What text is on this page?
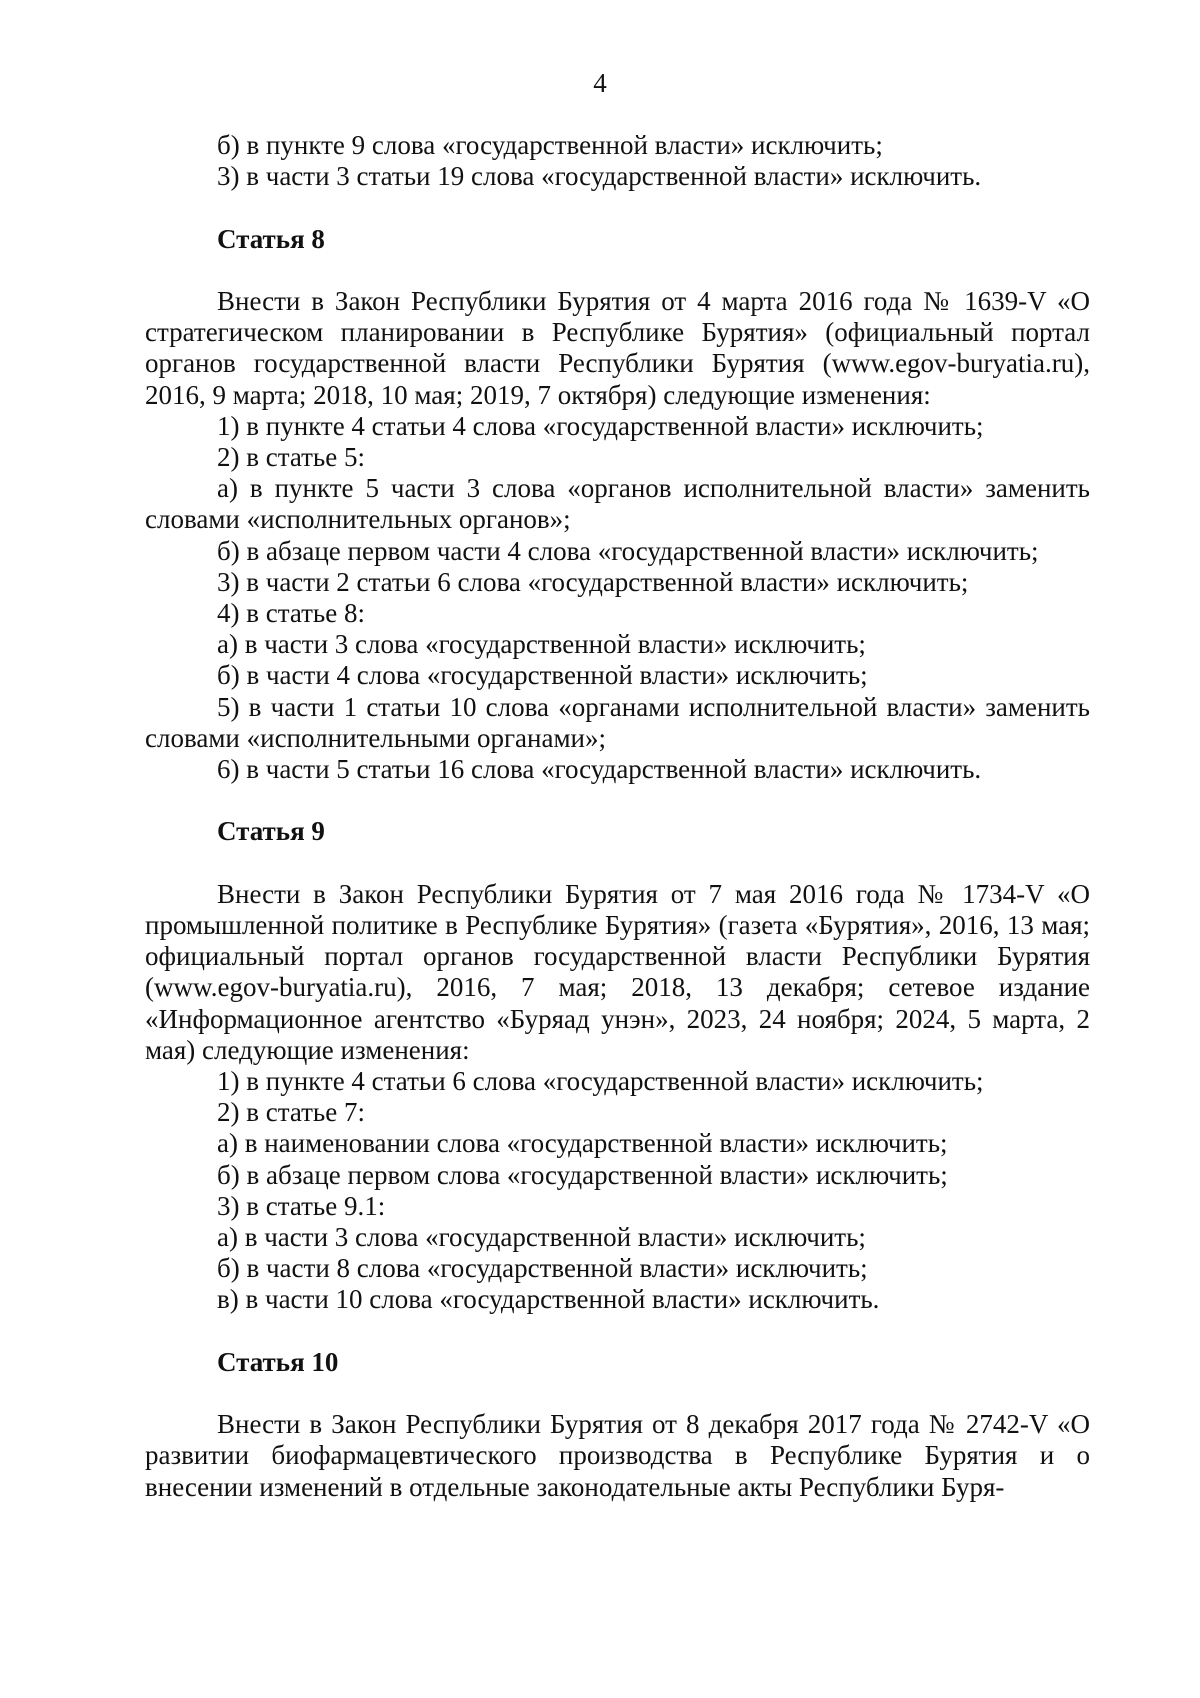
4

б) в пункте 9 слова «государственной власти» исключить;

3) в части 3 статьи 19 слова «государственной власти» исключить.

Статья 8

Внести в Закон Республики Бурятия от 4 марта 2016 года № 1639-V «О стратегическом планировании в Республике Бурятия» (официальный портал органов государственной власти Республики Бурятия (www.egov-buryatia.ru), 2016, 9 марта; 2018, 10 мая; 2019, 7 октября) следующие изменения:

1) в пункте 4 статьи 4 слова «государственной власти» исключить;

2) в статье 5:

а) в пункте 5 части 3 слова «органов исполнительной власти» заменить словами «исполнительных органов»;

б) в абзаце первом части 4 слова «государственной власти» исключить;

3) в части 2 статьи 6 слова «государственной власти» исключить;

4) в статье 8:

а) в части 3 слова «государственной власти» исключить;

б) в части 4 слова «государственной власти» исключить;

5) в части 1 статьи 10 слова «органами исполнительной власти» заменить словами «исполнительными органами»;

6) в части 5 статьи 16 слова «государственной власти» исключить.

Статья 9

Внести в Закон Республики Бурятия от 7 мая 2016 года № 1734-V «О промышленной политике в Республике Бурятия» (газета «Бурятия», 2016, 13 мая; официальный портал органов государственной власти Республики Бурятия (www.egov-buryatia.ru), 2016, 7 мая; 2018, 13 декабря; сетевое издание «Информационное агентство «Буряад унэн», 2023, 24 ноября; 2024, 5 марта, 2 мая) следующие изменения:

1) в пункте 4 статьи 6 слова «государственной власти» исключить;

2) в статье 7:

а) в наименовании слова «государственной власти» исключить;

б) в абзаце первом слова «государственной власти» исключить;

3) в статье 9.1:

а) в части 3 слова «государственной власти» исключить;

б) в части 8 слова «государственной власти» исключить;

в) в части 10 слова «государственной власти» исключить.

Статья 10

Внести в Закон Республики Бурятия от 8 декабря 2017 года № 2742-V «О развитии биофармацевтического производства в Республике Бурятия и о внесении изменений в отдельные законодательные акты Республики Буря-
